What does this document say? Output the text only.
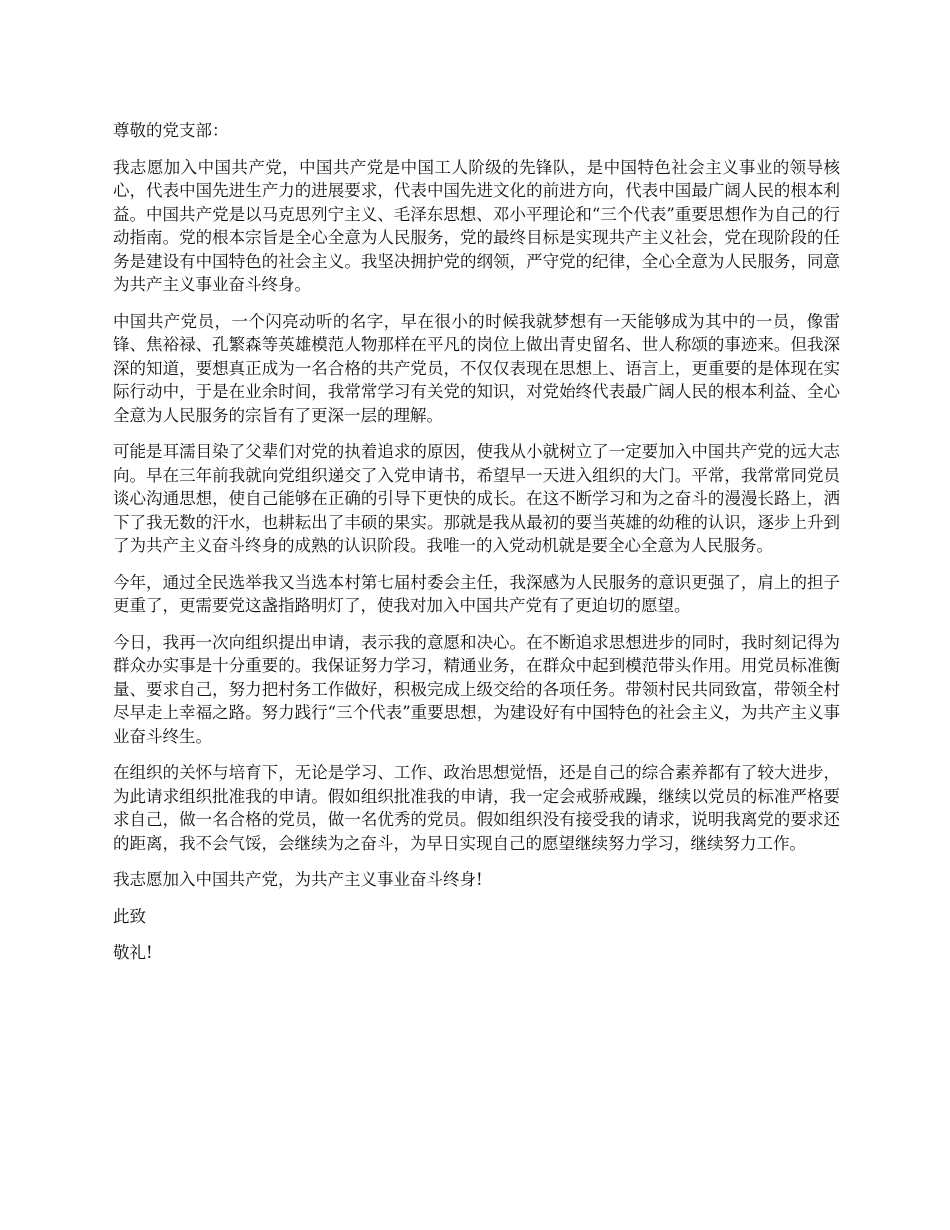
尊敬的党支部：

我志愿加入中国共产党，中国共产党是中国工人阶级的先锋队，是中国特色社会主义事业的领导核心，代表中国先进生产力的进展要求，代表中国先进文化的前进方向，代表中国最广阔人民的根本利益。中国共产党是以马克思列宁主义、毛泽东思想、邓小平理论和“三个代表”重要思想作为自己的行动指南。党的根本宗旨是全心全意为人民服务，党的最终目标是实现共产主义社会，党在现阶段的任务是建设有中国特色的社会主义。我坚决拥护党的纲领，严守党的纪律，全心全意为人民服务，同意为共产主义事业奋斗终身。

中国共产党员，一个闪亮动听的名字，早在很小的时候我就梦想有一天能够成为其中的一员，像雷锋、焦裕禄、孔繁森等英雄模范人物那样在平凡的岗位上做出青史留名、世人称颂的事迹来。但我深深的知道，要想真正成为一名合格的共产党员，不仅仅表现在思想上、语言上，更重要的是体现在实际行动中，于是在业余时间，我常常学习有关党的知识，对党始终代表最广阔人民的根本利益、全心全意为人民服务的宗旨有了更深一层的理解。

可能是耳濡目染了父辈们对党的执着追求的原因，使我从小就树立了一定要加入中国共产党的远大志向。早在三年前我就向党组织递交了入党申请书，希望早一天进入组织的大门。平常，我常常同党员谈心沟通思想，使自己能够在正确的引导下更快的成长。在这不断学习和为之奋斗的漫漫长路上，洒下了我无数的汗水，也耕耘出了丰硕的果实。那就是我从最初的要当英雄的幼稚的认识，逐步上升到了为共产主义奋斗终身的成熟的认识阶段。我唯一的入党动机就是要全心全意为人民服务。

今年，通过全民选举我又当选本村第七届村委会主任，我深感为人民服务的意识更强了，肩上的担子更重了，更需要党这盏指路明灯了，使我对加入中国共产党有了更迫切的愿望。

今日，我再一次向组织提出申请，表示我的意愿和决心。在不断追求思想进步的同时，我时刻记得为群众办实事是十分重要的。我保证努力学习，精通业务，在群众中起到模范带头作用。用党员标准衡量、要求自己，努力把村务工作做好，积极完成上级交给的各项任务。带领村民共同致富，带领全村尽早走上幸福之路。努力践行“三个代表”重要思想，为建设好有中国特色的社会主义，为共产主义事业奋斗终生。

在组织的关怀与培育下，无论是学习、工作、政治思想觉悟，还是自己的综合素养都有了较大进步，为此请求组织批准我的申请。假如组织批准我的申请，我一定会戒骄戒躁，继续以党员的标准严格要求自己，做一名合格的党员，做一名优秀的党员。假如组织没有接受我的请求，说明我离党的要求还的距离，我不会气馁，会继续为之奋斗，为早日实现自己的愿望继续努力学习，继续努力工作。

我志愿加入中国共产党，为共产主义事业奋斗终身!

此致

敬礼!
